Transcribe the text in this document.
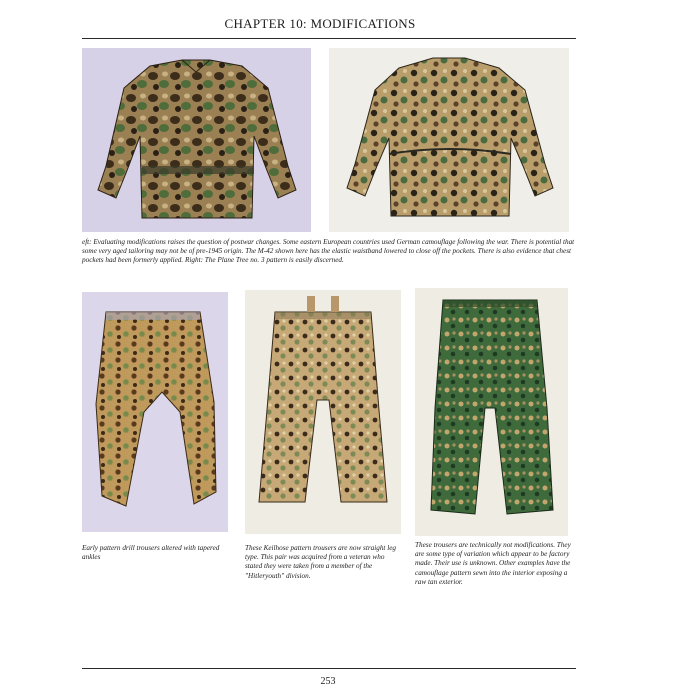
CHAPTER 10: MODIFICATIONS
eft: Evaluating modifications raises the question of postwar changes. Some eastern European countries used German camouflage following the war. There is potential that some very aged tailoring may not be of pre-1945 origin. The M-42 shown here has the elastic waistband lowered to close off the pockets. There is also evidence that chest pockets had been formerly applied. Right: The Plane Tree no. 3 pattern is easily discerned.
Early pattern drill trousers altered with tapered ankles
These Keilhose pattern trousers are now straight leg type. This pair was acquired from a veteran who stated they were taken from a member of the "Hitleryouth" division.
These trousers are technically not modifications. They are some type of variation which appear to be factory made. Their use is unknown. Other examples have the camouflage pattern sewn into the interior exposing a raw tan exterior.
253
